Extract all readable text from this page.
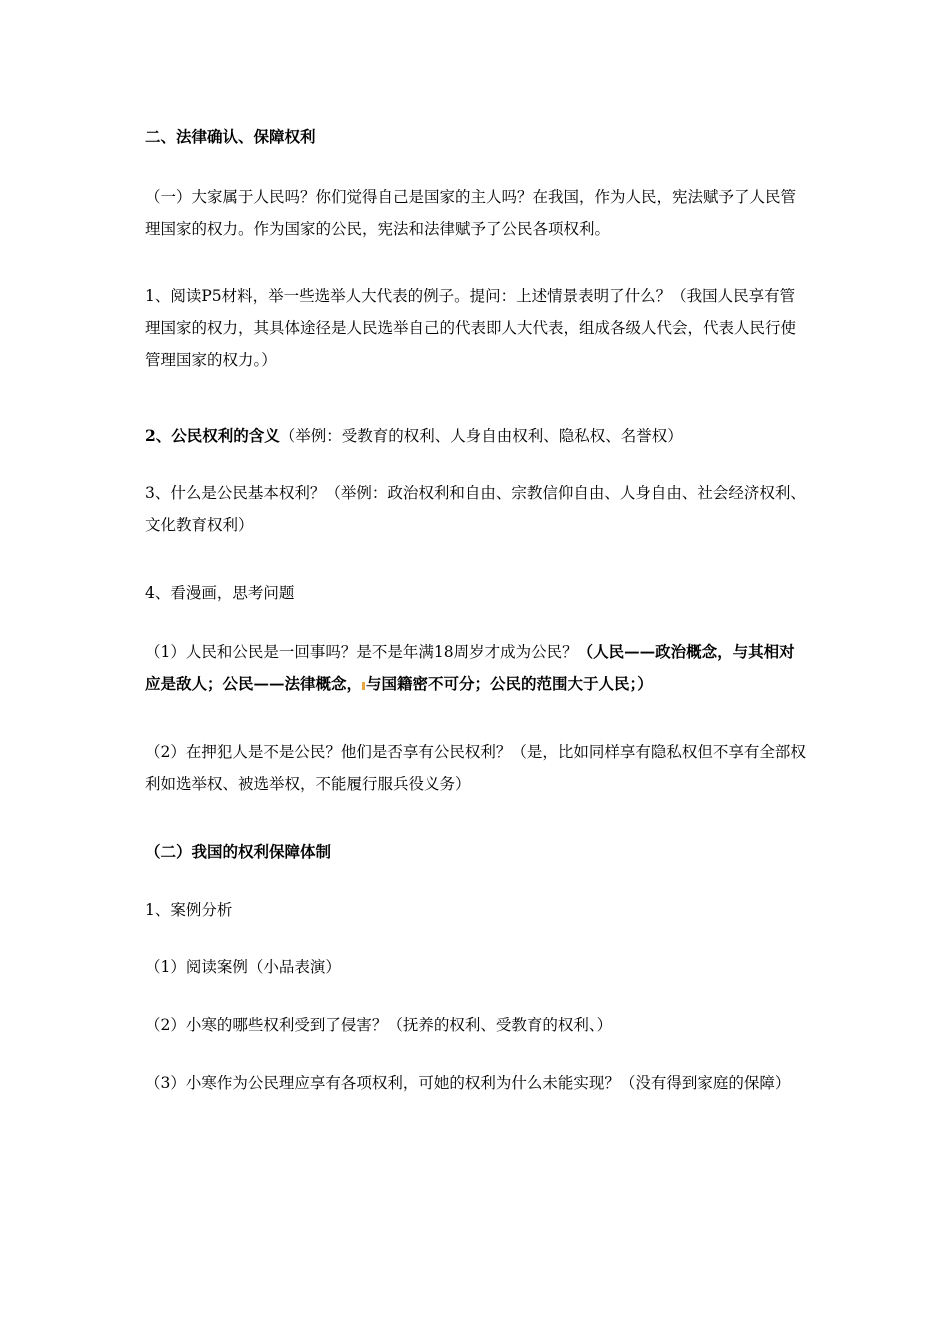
二、法律确认、保障权利
（一）大家属于人民吗？你们觉得自己是国家的主人吗？在我国，作为人民，宪法赋予了人民管理国家的权力。作为国家的公民，宪法和法律赋予了公民各项权利。
1、阅读P5材料，举一些选举人大代表的例子。提问：上述情景表明了什么？（我国人民享有管理国家的权力，其具体途径是人民选举自己的代表即人大代表，组成各级人代会，代表人民行使管理国家的权力。）
2、公民权利的含义（举例：受教育的权利、人身自由权利、隐私权、名誉权）
3、什么是公民基本权利？（举例：政治权利和自由、宗教信仰自由、人身自由、社会经济权利、文化教育权利）
4、看漫画，思考问题
（1）人民和公民是一回事吗？是不是年满18周岁才成为公民？（人民——政治概念，与其相对应是敌人；公民——法律概念， 与国籍密不可分；公民的范围大于人民；）
（2）在押犯人是不是公民？他们是否享有公民权利？（是，比如同样享有隐私权但不享有全部权利如选举权、被选举权，不能履行服兵役义务）
（二）我国的权利保障体制
1、案例分析
（1）阅读案例（小品表演）
（2）小寒的哪些权利受到了侵害？（抚养的权利、受教育的权利、）
（3）小寒作为公民理应享有各项权利，可她的权利为什么未能实现？（没有得到家庭的保障）
